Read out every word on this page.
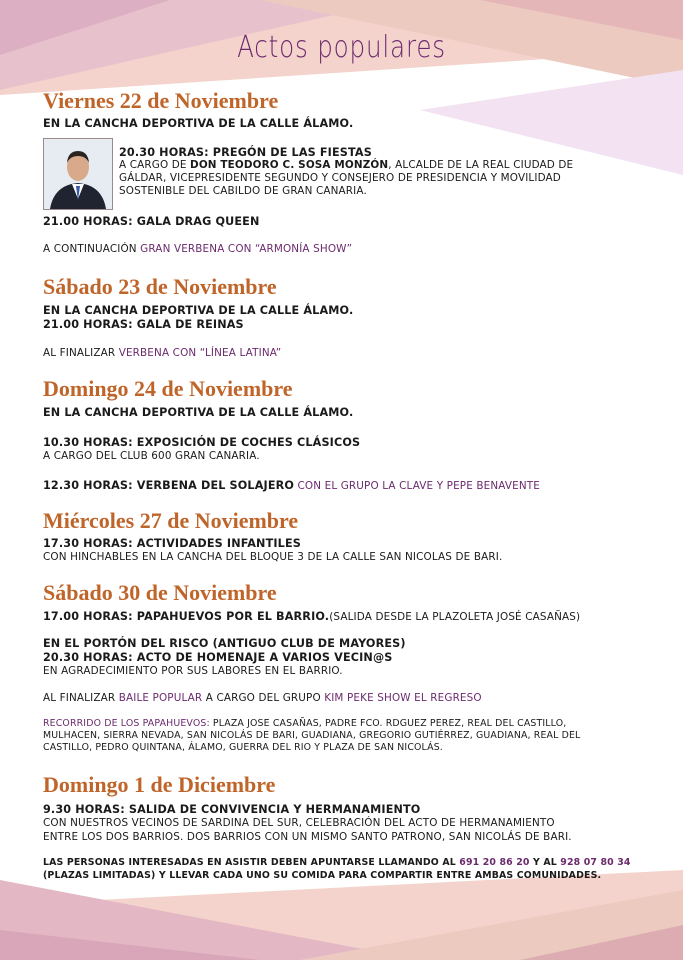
Actos populares
Viernes 22 de Noviembre
EN LA CANCHA DEPORTIVA DE LA CALLE ÁLAMO.
20.30 HORAS: PREGÓN DE LAS FIESTAS
A CARGO DE DON TEODORO C. SOSA MONZÓN, ALCALDE DE LA REAL CIUDAD DE
GÁLDAR, VICEPRESIDENTE SEGUNDO Y CONSEJERO DE PRESIDENCIA Y MOVILIDAD
SOSTENIBLE DEL CABILDO DE GRAN CANARIA.
21.00 HORAS: GALA DRAG QUEEN
A CONTINUACIÓN GRAN VERBENA CON “ARMONÍA SHOW”
Sábado 23 de Noviembre
EN LA CANCHA DEPORTIVA DE LA CALLE ÁLAMO.
21.00 HORAS: GALA DE REINAS
AL FINALIZAR VERBENA CON “LÍNEA LATINA”
Domingo 24 de Noviembre
EN LA CANCHA DEPORTIVA DE LA CALLE ÁLAMO.
10.30 HORAS: EXPOSICIÓN DE COCHES CLÁSICOS
A CARGO DEL CLUB 600 GRAN CANARIA.
12.30 HORAS: VERBENA DEL SOLAJERO CON EL GRUPO LA CLAVE Y PEPE BENAVENTE
Miércoles 27 de Noviembre
17.30 HORAS: ACTIVIDADES INFANTILES
CON HINCHABLES EN LA CANCHA DEL BLOQUE 3 DE LA CALLE SAN NICOLAS DE BARI.
Sábado 30 de Noviembre
17.00 HORAS: PAPAHUEVOS POR EL BARRIO.(SALIDA DESDE LA PLAZOLETA JOSÉ CASAÑAS)
EN EL PORTÓN DEL RISCO (ANTIGUO CLUB DE MAYORES)
20.30 HORAS: ACTO DE HOMENAJE A VARIOS VECIN@S
EN AGRADECIMIENTO POR SUS LABORES EN EL BARRIO.
AL FINALIZAR BAILE POPULAR A CARGO DEL GRUPO KIM PEKE SHOW EL REGRESO
RECORRIDO DE LOS PAPAHUEVOS: PLAZA JOSE CASAÑAS, PADRE FCO. RDGUEZ PEREZ, REAL DEL CASTILLO,
MULHACEN, SIERRA NEVADA, SAN NICOLÁS DE BARI, GUADIANA, GREGORIO GUTIÉRREZ, GUADIANA, REAL DEL
CASTILLO, PEDRO QUINTANA, ÁLAMO, GUERRA DEL RIO Y PLAZA DE SAN NICOLÁS.
Domingo 1 de Diciembre
9.30 HORAS: SALIDA DE CONVIVENCIA Y HERMANAMIENTO
CON NUESTROS VECINOS DE SARDINA DEL SUR, CELEBRACIÓN DEL ACTO DE HERMANAMIENTO
ENTRE LOS DOS BARRIOS. DOS BARRIOS CON UN MISMO SANTO PATRONO, SAN NICOLÁS DE BARI.
LAS PERSONAS INTERESADAS EN ASISTIR DEBEN APUNTARSE LLAMANDO AL 691 20 86 20 Y AL 928 07 80 34
(PLAZAS LIMITADAS) Y LLEVAR CADA UNO SU COMIDA PARA COMPARTIR ENTRE AMBAS COMUNIDADES.
